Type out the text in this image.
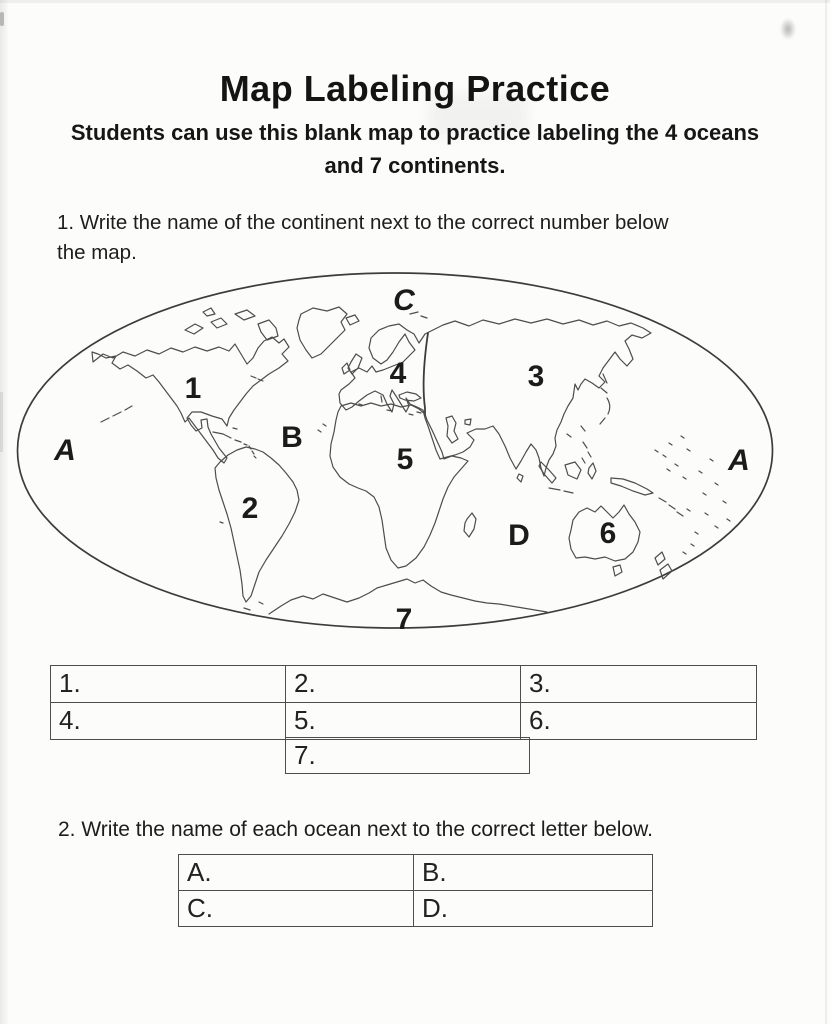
Map Labeling Practice
Students can use this blank map to practice labeling the 4 oceans
and 7 continents.
1. Write the name of the continent next to the correct number below
the map.
C
1	4	3
A	B
5
2
D 6
A
7
1.	2.	3.
4.	5.	6.
7.
2. Write the name of each ocean next to the correct letter below.
A.	B.
C.	D.
